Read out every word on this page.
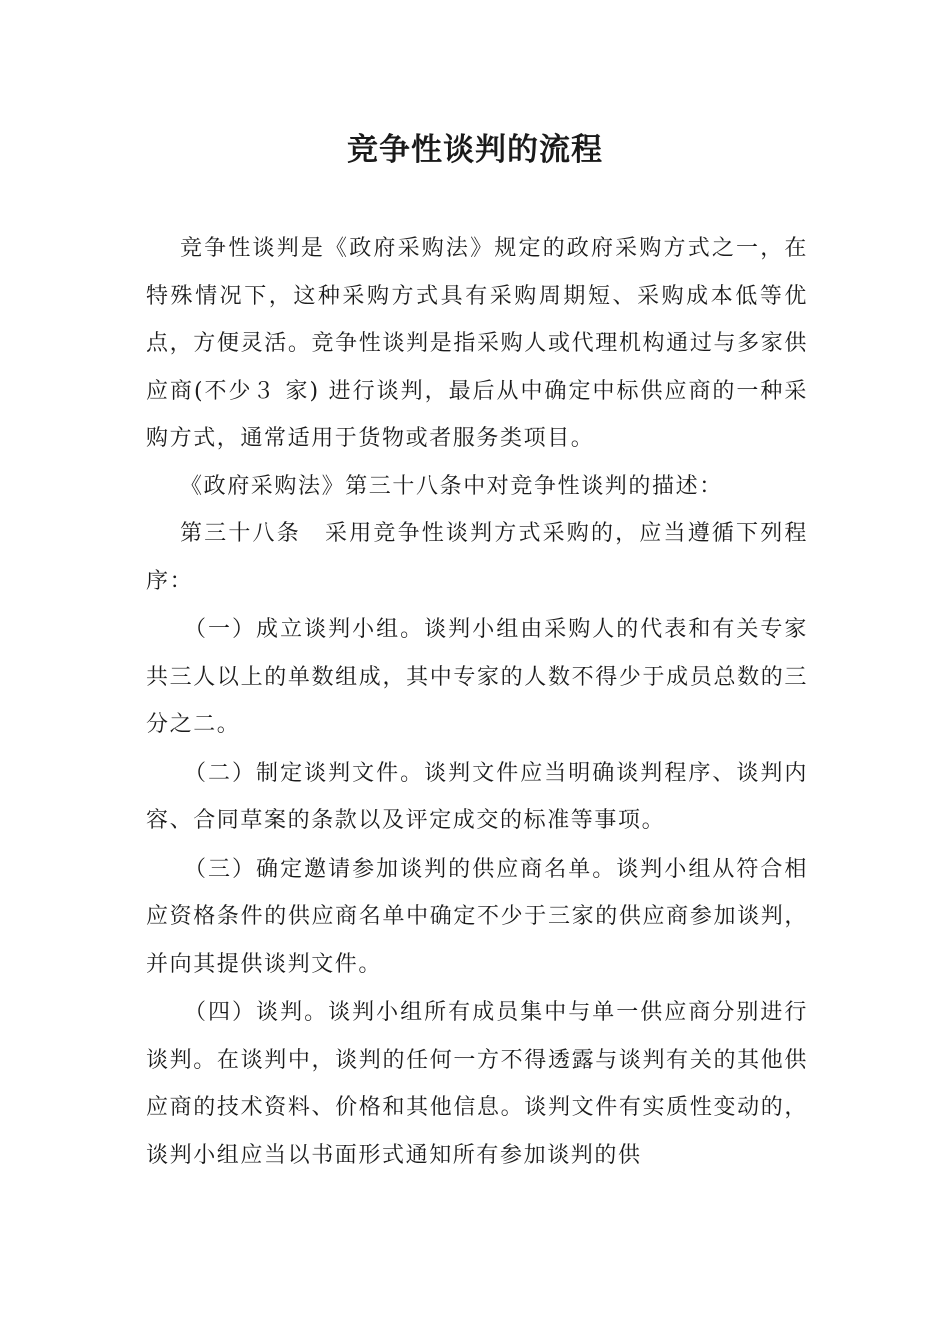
竞争性谈判的流程

竞争性谈判是《政府采购法》规定的政府采购方式之一，在特殊情况下，这种采购方式具有采购周期短、采购成本低等优点，方便灵活。竞争性谈判是指采购人或代理机构通过与多家供应商(不少３ 家) 进行谈判，最后从中确定中标供应商的一种采购方式，通常适用于货物或者服务类项目。

《政府采购法》第三十八条中对竞争性谈判的描述：

第三十八条　采用竞争性谈判方式采购的，应当遵循下列程序：

（一）成立谈判小组。谈判小组由采购人的代表和有关专家共三人以上的单数组成，其中专家的人数不得少于成员总数的三分之二。

（二）制定谈判文件。谈判文件应当明确谈判程序、谈判内容、合同草案的条款以及评定成交的标准等事项。

（三）确定邀请参加谈判的供应商名单。谈判小组从符合相应资格条件的供应商名单中确定不少于三家的供应商参加谈判，并向其提供谈判文件。

（四）谈判。谈判小组所有成员集中与单一供应商分别进行谈判。在谈判中，谈判的任何一方不得透露与谈判有关的其他供应商的技术资料、价格和其他信息。谈判文件有实质性变动的，谈判小组应当以书面形式通知所有参加谈判的供
